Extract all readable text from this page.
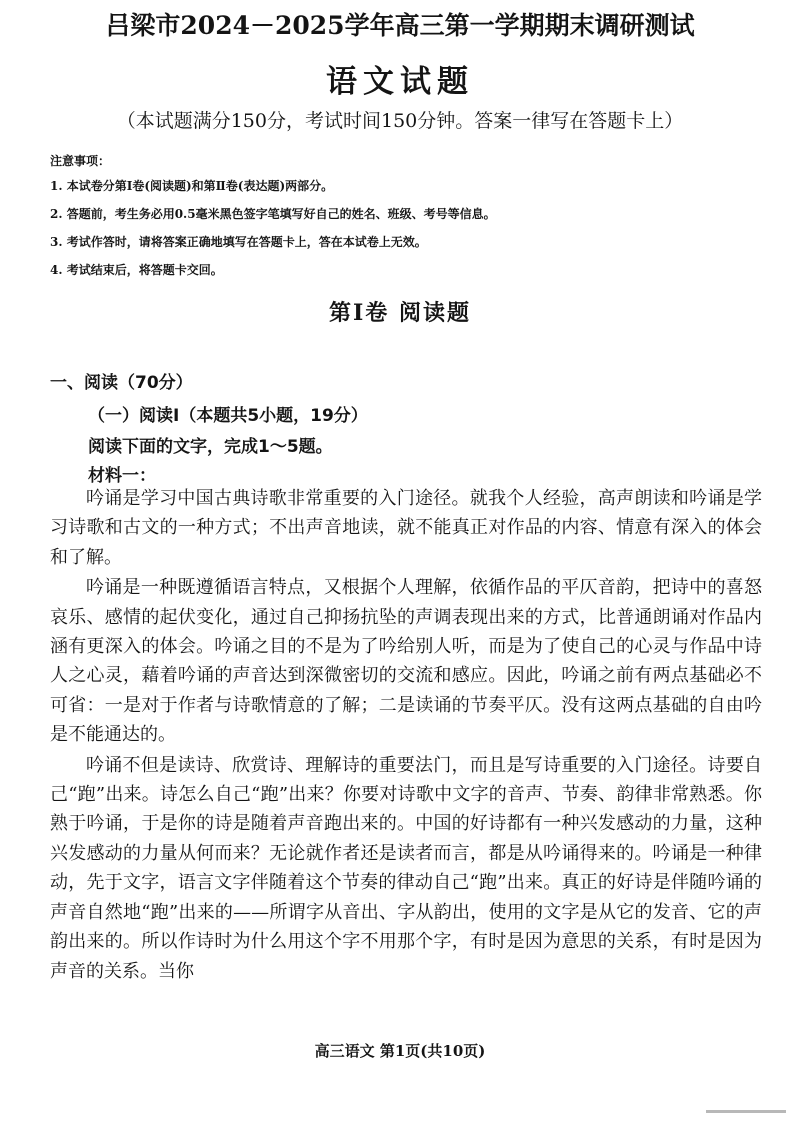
吕梁市2024－2025学年高三第一学期期末调研测试
语文试题
（本试题满分150分，考试时间150分钟。答案一律写在答题卡上）
注意事项：
1. 本试卷分第Ⅰ卷(阅读题)和第Ⅱ卷(表达题)两部分。
2. 答题前，考生务必用0.5毫米黑色签字笔填写好自己的姓名、班级、考号等信息。
3. 考试作答时，请将答案正确地填写在答题卡上，答在本试卷上无效。
4. 考试结束后，将答题卡交回。
第Ⅰ卷 阅读题
一、阅读（70分）
（一）阅读Ⅰ（本题共5小题，19分）
阅读下面的文字，完成1～5题。
材料一：

吟诵是学习中国古典诗歌非常重要的入门途径。就我个人经验，高声朗读和吟诵是学习诗歌和古文的一种方式；不出声音地读，就不能真正对作品的内容、情意有深入的体会和了解。

吟诵是一种既遵循语言特点，又根据个人理解，依循作品的平仄音韵，把诗中的喜怒哀乐、感情的起伏变化，通过自己抑扬抗坠的声调表现出来的方式，比普通朗诵对作品内涵有更深入的体会。吟诵之目的不是为了吟给别人听，而是为了使自己的心灵与作品中诗人之心灵，藉着吟诵的声音达到深微密切的交流和感应。因此，吟诵之前有两点基础必不可省：一是对于作者与诗歌情意的了解；二是读诵的节奏平仄。没有这两点基础的自由吟是不能通达的。

吟诵不但是读诗、欣赏诗、理解诗的重要法门，而且是写诗重要的入门途径。诗要自己“跑”出来。诗怎么自己“跑”出来？你要对诗歌中文字的音声、节奏、韵律非常熟悉。你熟于吟诵，于是你的诗是随着声音跑出来的。中国的好诗都有一种兴发感动的力量，这种兴发感动的力量从何而来？无论就作者还是读者而言，都是从吟诵得来的。吟诵是一种律动，先于文字，语言文字伴随着这个节奏的律动自己“跑”出来。真正的好诗是伴随吟诵的声音自然地“跑”出来的——所谓字从音出、字从韵出，使用的文字是从它的发音、它的声韵出来的。所以作诗时为什么用这个字不用那个字，有时是因为意思的关系，有时是因为声音的关系。当你

高三语文 第1页(共10页)
